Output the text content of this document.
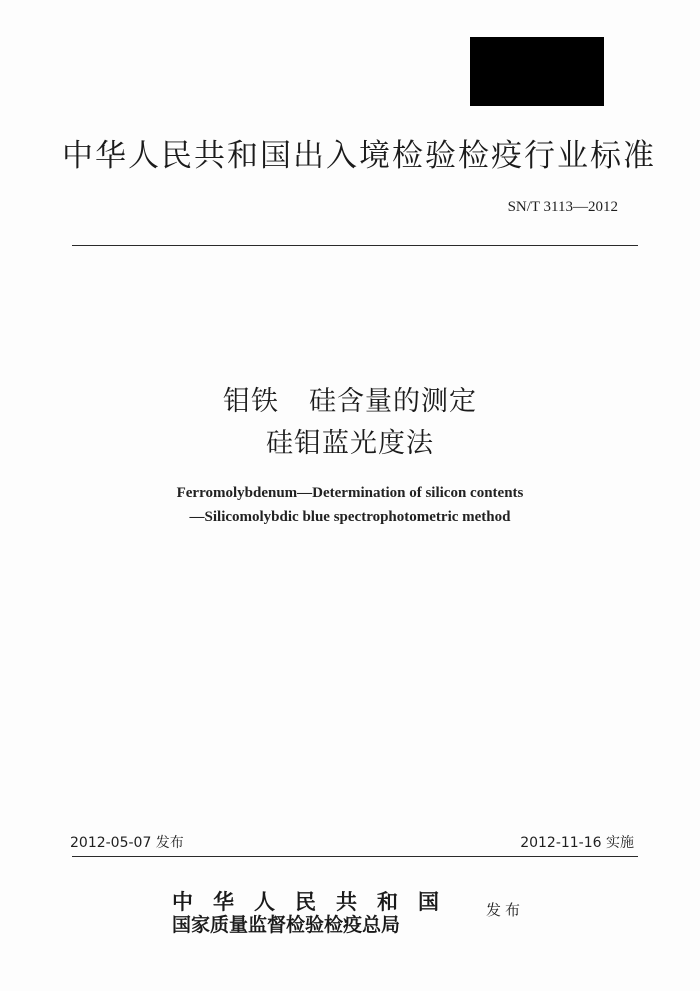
中华人民共和国出入境检验检疫行业标准
SN/T 3113—2012
钼铁 硅含量的测定
硅钼蓝光度法
Ferromolybdenum—Determination of silicon contents
—Silicomolybdic blue spectrophotometric method
2012-05-07 发布	2012-11-16 实施
中华人民共和国
国家质量监督检验检疫总局
发布
